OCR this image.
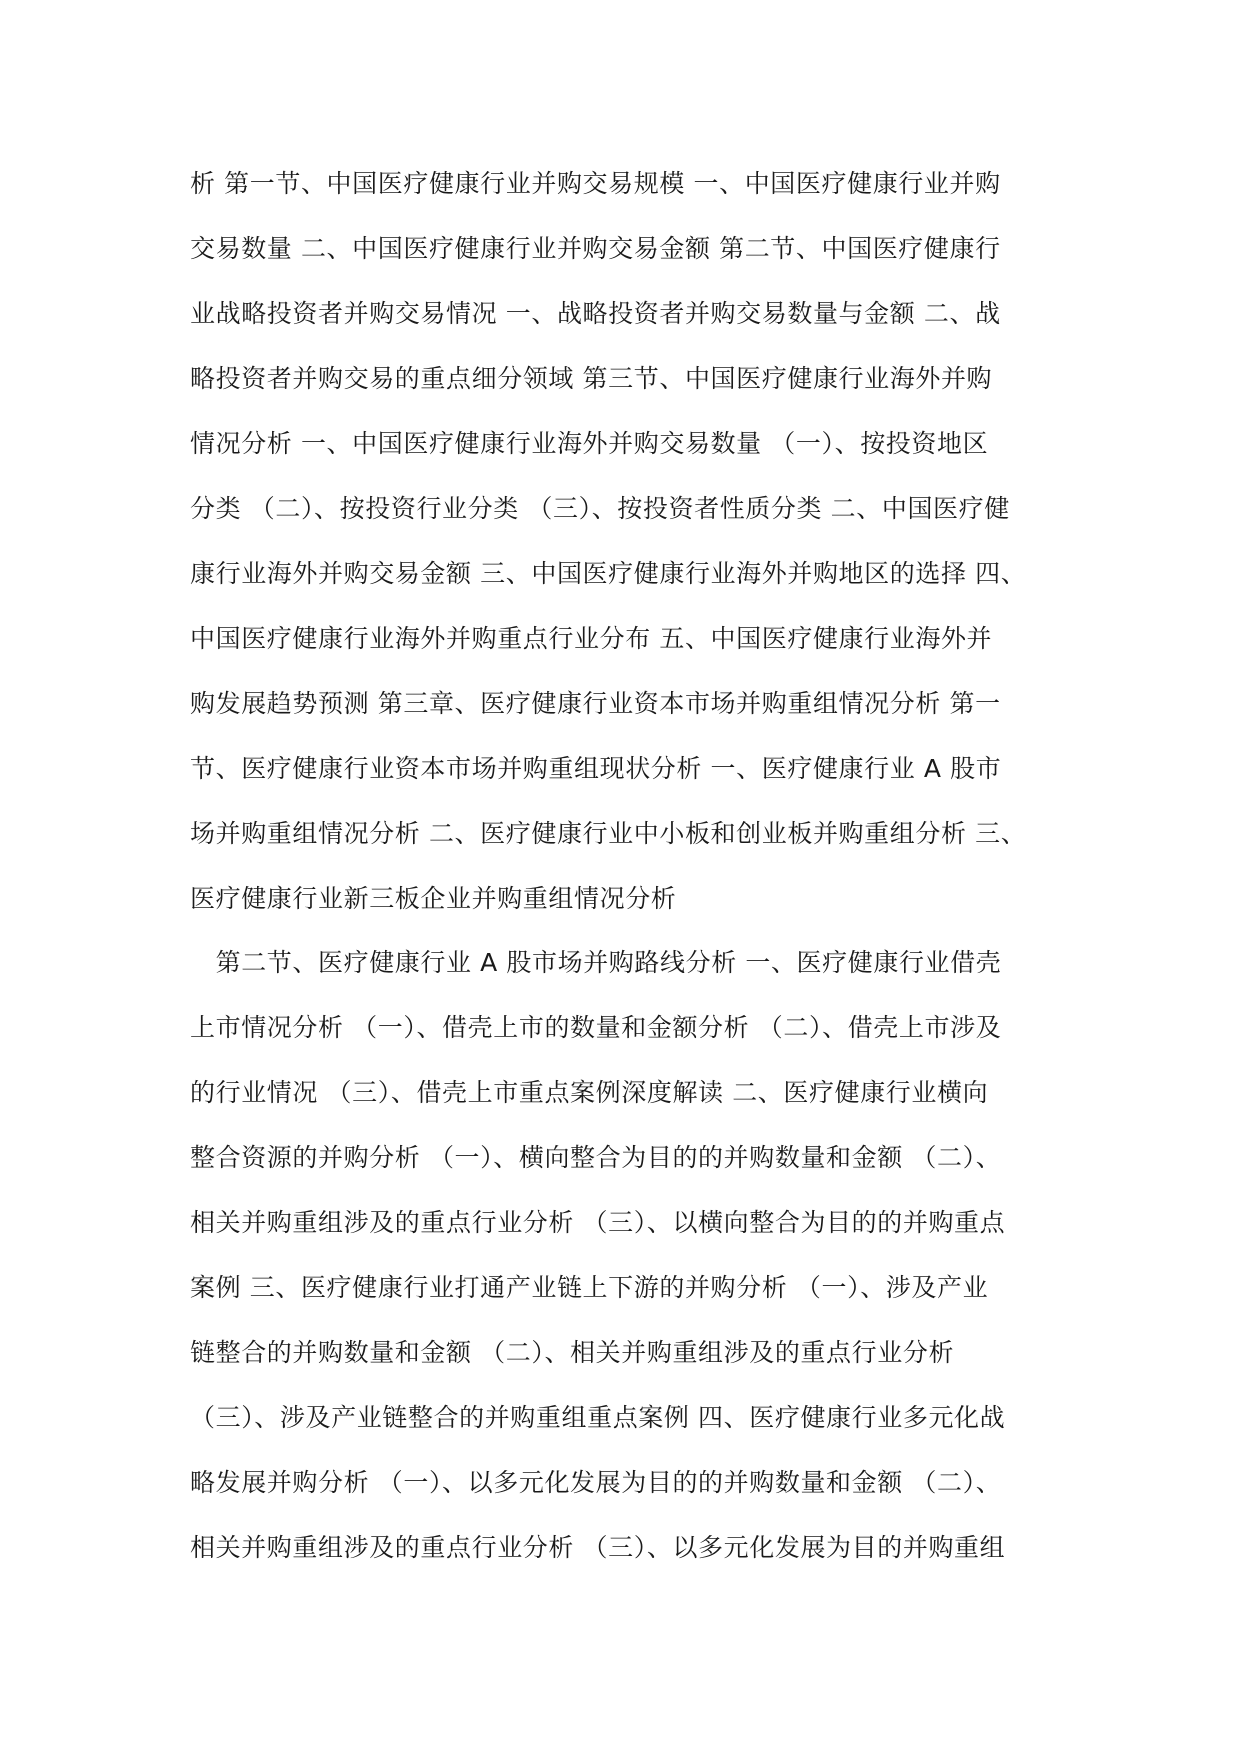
析 第一节、中国医疗健康行业并购交易规模 一、中国医疗健康行业并购
交易数量 二、中国医疗健康行业并购交易金额 第二节、中国医疗健康行
业战略投资者并购交易情况 一、战略投资者并购交易数量与金额 二、战
略投资者并购交易的重点细分领域 第三节、中国医疗健康行业海外并购
情况分析 一、中国医疗健康行业海外并购交易数量 （一）、按投资地区
分类 （二）、按投资行业分类 （三）、按投资者性质分类 二、中国医疗健
康行业海外并购交易金额 三、中国医疗健康行业海外并购地区的选择 四、
中国医疗健康行业海外并购重点行业分布 五、中国医疗健康行业海外并
购发展趋势预测 第三章、医疗健康行业资本市场并购重组情况分析 第一
节、医疗健康行业资本市场并购重组现状分析 一、医疗健康行业 A 股市
场并购重组情况分析 二、医疗健康行业中小板和创业板并购重组分析 三、
医疗健康行业新三板企业并购重组情况分析
　第二节、医疗健康行业 A 股市场并购路线分析 一、医疗健康行业借壳
上市情况分析 （一）、借壳上市的数量和金额分析 （二）、借壳上市涉及
的行业情况 （三）、借壳上市重点案例深度解读 二、医疗健康行业横向
整合资源的并购分析 （一）、横向整合为目的的并购数量和金额 （二）、
相关并购重组涉及的重点行业分析 （三）、以横向整合为目的的并购重点
案例 三、医疗健康行业打通产业链上下游的并购分析 （一）、涉及产业
链整合的并购数量和金额 （二）、相关并购重组涉及的重点行业分析
（三）、涉及产业链整合的并购重组重点案例 四、医疗健康行业多元化战
略发展并购分析 （一）、以多元化发展为目的的并购数量和金额 （二）、
相关并购重组涉及的重点行业分析 （三）、以多元化发展为目的并购重组
